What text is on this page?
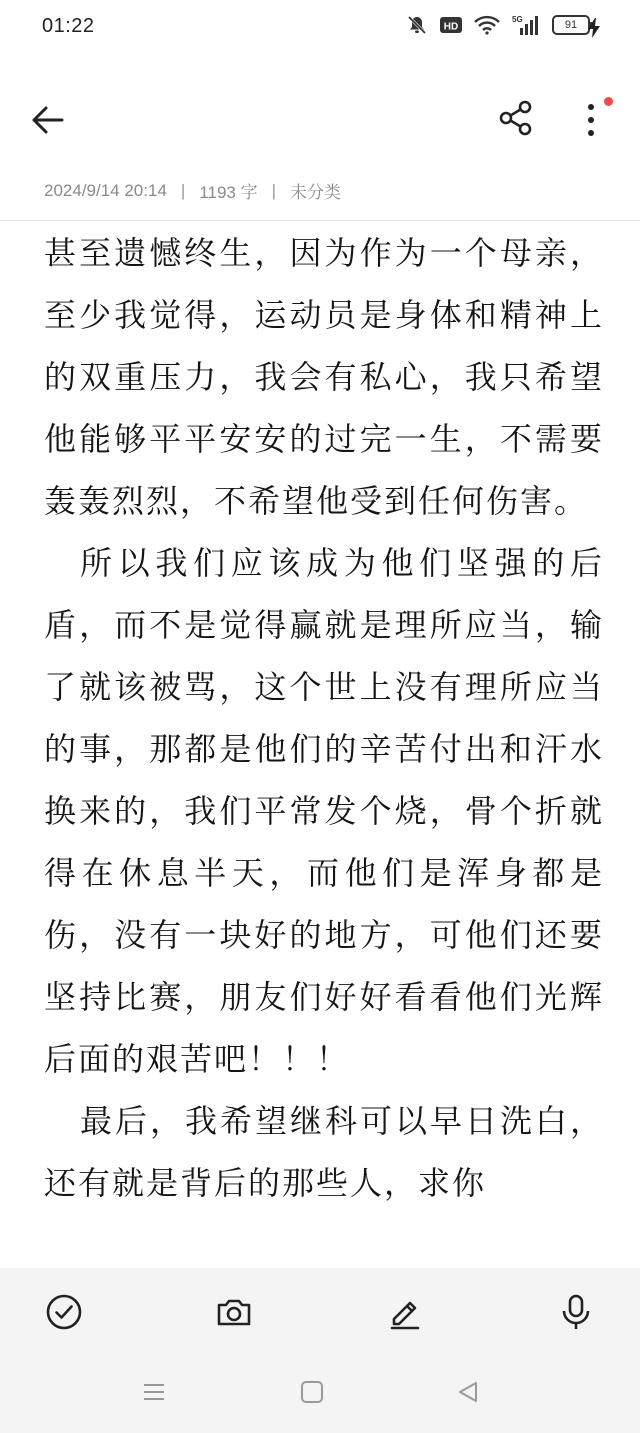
01:22	HD
5G	91
2024/9/14 20:14 | 1193 字 | 未分类

甚至遗憾终生，因为作为一个母亲，至少我觉得，运动员是身体和精神上的双重压力，我会有私心，我只希望他能够平平安安的过完一生，不需要轰轰烈烈，不希望他受到任何伤害。

所以我们应该成为他们坚强的后盾，而不是觉得赢就是理所应当，输了就该被骂，这个世上没有理所应当的事，那都是他们的辛苦付出和汗水换来的，我们平常发个烧，骨个折就得在休息半天，而他们是浑身都是伤，没有一块好的地方，可他们还要坚持比赛，朋友们好好看看他们光辉后面的艰苦吧！！！

最后，我希望继科可以早日洗白，还有就是背后的那些人，求你
